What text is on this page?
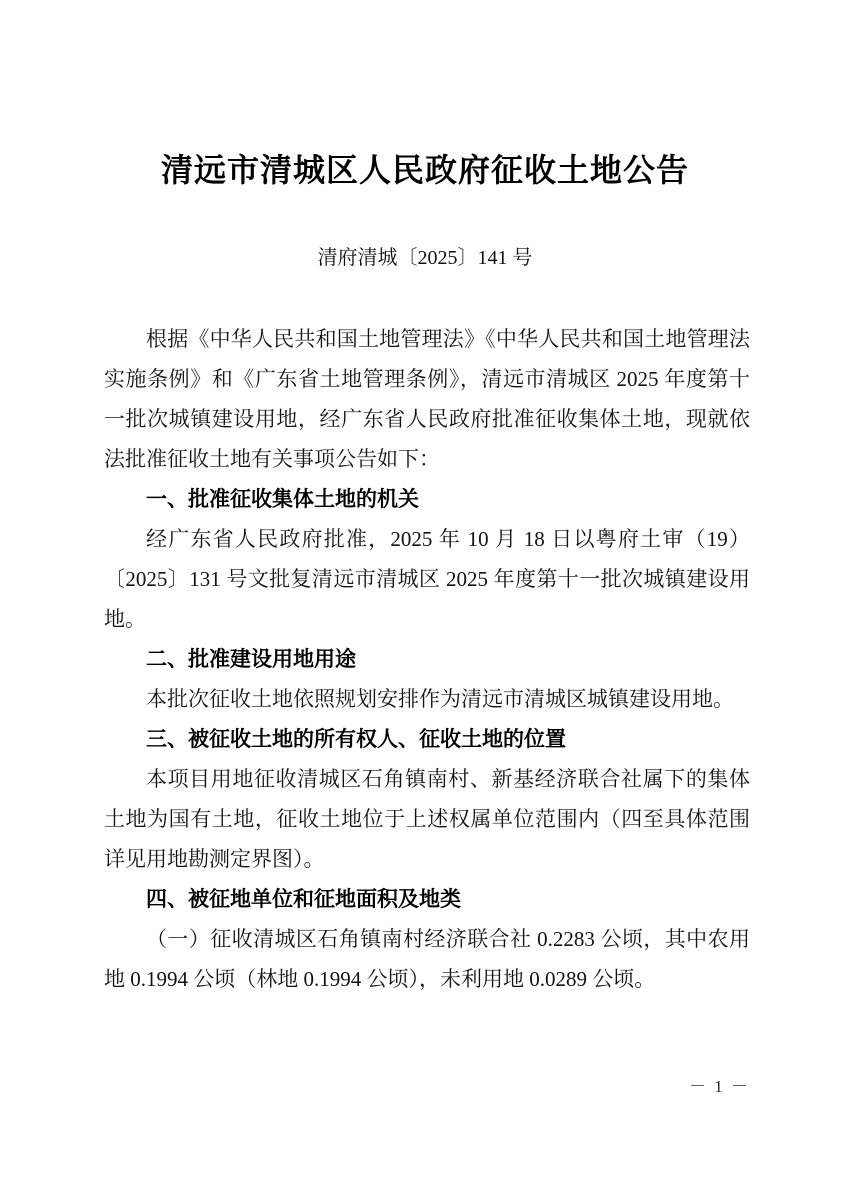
清远市清城区人民政府征收土地公告
清府清城〔2025〕141 号

根据《中华人民共和国土地管理法》《中华人民共和国土地管理法实施条例》和《广东省土地管理条例》，清远市清城区 2025 年度第十一批次城镇建设用地，经广东省人民政府批准征收集体土地，现就依法批准征收土地有关事项公告如下：

一、批准征收集体土地的机关

经广东省人民政府批准，2025 年 10 月 18 日以粤府土审（19）〔2025〕131 号文批复清远市清城区 2025 年度第十一批次城镇建设用地。

二、批准建设用地用途

本批次征收土地依照规划安排作为清远市清城区城镇建设用地。

三、被征收土地的所有权人、征收土地的位置

本项目用地征收清城区石角镇南村、新基经济联合社属下的集体土地为国有土地，征收土地位于上述权属单位范围内（四至具体范围详见用地勘测定界图）。

四、被征地单位和征地面积及地类

（一）征收清城区石角镇南村经济联合社 0.2283 公顷，其中农用地 0.1994 公顷（林地 0.1994 公顷），未利用地 0.0289 公顷。

－ 1 －
